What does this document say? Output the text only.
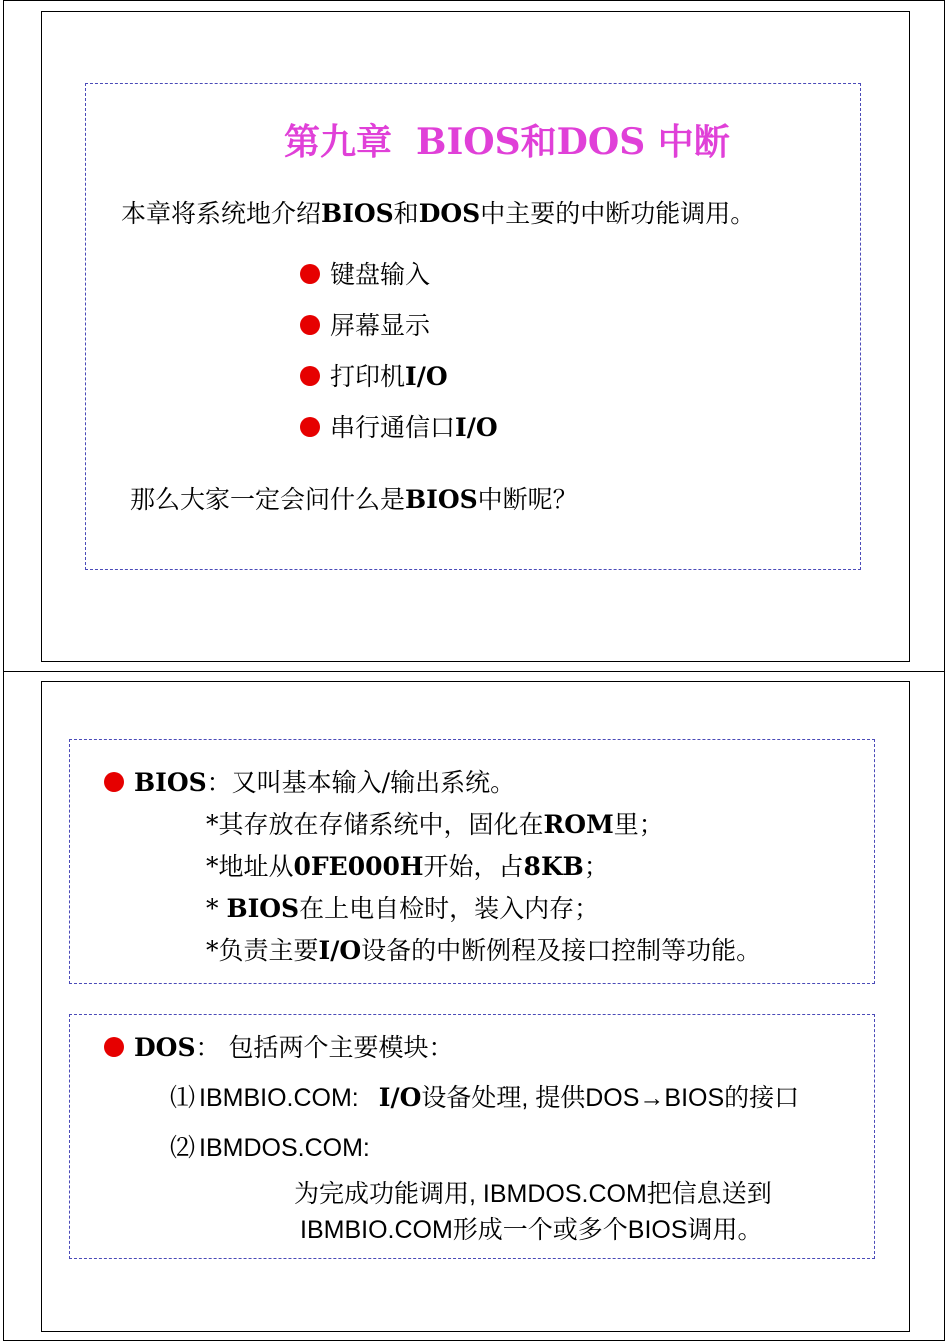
第九章 BIOS和DOS 中断
本章将系统地介绍BIOS和DOS中主要的中断功能调用。
键盘输入
屏幕显示
打印机I/O
串行通信口I/O
那么大家一定会问什么是BIOS中断呢？
BIOS：又叫基本输入/输出系统。
*其存放在存储系统中，固化在ROM里；
*地址从0FE000H开始，占8KB；
* BIOS在上电自检时，装入内存；
*负责主要I/O设备的中断例程及接口控制等功能。
DOS： 包括两个主要模块：
⑴ IBMBIO.COM: I/O设备处理, 提供DOS→BIOS的接口
⑵ IBMDOS.COM:
为完成功能调用, IBMDOS.COM把信息送到
IBMBIO.COM形成一个或多个BIOS调用。
